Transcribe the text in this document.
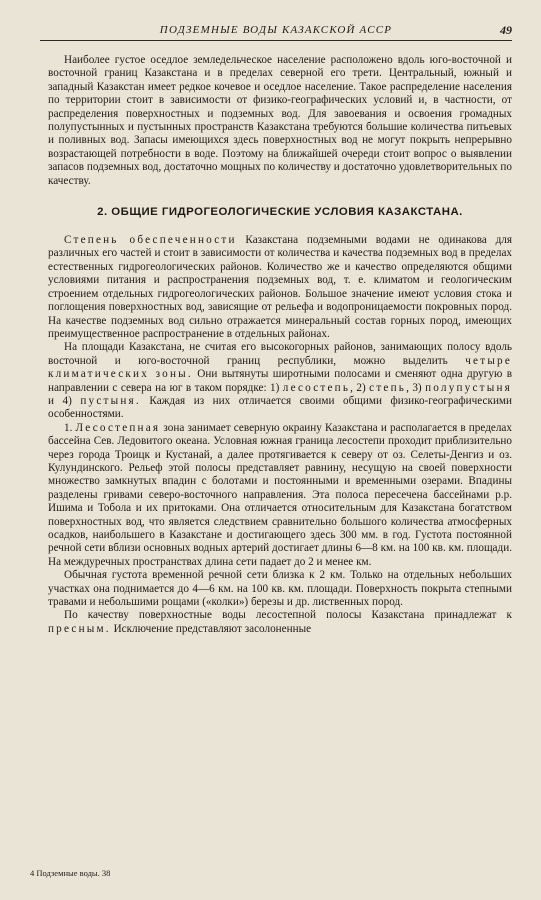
ПОДЗЕМНЫЕ ВОДЫ КАЗАКСКОЙ АССР	49

Наиболее густое оседлое земледельческое население расположено вдоль юго-восточной и восточной границ Казакстана и в пределах северной его трети. Центральный, южный и западный Казакстан имеет редкое кочевое и оседлое население. Такое распределение населения по территории стоит в зависимости от физико-географических условий и, в частности, от распределения поверхностных и подземных вод. Для завоевания и освоения громадных полупустынных и пустынных пространств Казакстана требуются большие количества питьевых и поливных вод. Запасы имеющихся здесь поверхностных вод не могут покрыть непрерывно возрастающей потребности в воде. Поэтому на ближайшей очереди стоит вопрос о выявлении запасов подземных вод, достаточно мощных по количеству и достаточно удовлетворительных по качеству.

2. ОБЩИЕ ГИДРОГЕОЛОГИЧЕСКИЕ УСЛОВИЯ КАЗАКСТАНА.

Степень обеспеченности Казакстана подземными водами не одинакова для различных его частей и стоит в зависимости от количества и качества подземных вод в пределах естественных гидрогеологических районов. Количество же и качество определяются общими условиями питания и распространения подземных вод, т. е. климатом и геологическим строением отдельных гидрогеологических районов. Большое значение имеют условия стока и поглощения поверхностных вод, зависящие от рельефа и водопроницаемости покровных пород. На качестве подземных вод сильно отражается минеральный состав горных пород, имеющих преимущественное распространение в отдельных районах.

На площади Казакстана, не считая его высокогорных районов, занимающих полосу вдоль восточной и юго-восточной границ республики, можно выделить четыре климатических зоны. Они вытянуты широтными полосами и сменяют одна другую в направлении с севера на юг в таком порядке: 1) лесостепь, 2) степь, 3) полупустыня и 4) пустыня. Каждая из них отличается своими общими физико-географическими особенностями.

1. Лесостепная зона занимает северную окраину Казакстана и располагается в пределах бассейна Сев. Ледовитого океана. Условная южная граница лесостепи проходит приблизительно через города Троицк и Кустанай, а далее протягивается к северу от оз. Селеты-Денгиз и оз. Кулундинского. Рельеф этой полосы представляет равнину, несущую на своей поверхности множество замкнутых впадин с болотами и постоянными и временными озерами. Впадины разделены гривами северо-восточного направления. Эта полоса пересечена бассейнами р.р. Ишима и Тобола и их притоками. Она отличается относительным для Казакстана богатством поверхностных вод, что является следствием сравнительно большого количества атмосферных осадков, наибольшего в Казакстане и достигающего здесь 300 мм. в год. Густота постоянной речной сети вблизи основных водных артерий достигает длины 6—8 км. на 100 кв. км. площади. На междуречных пространствах длина сети падает до 2 и менее км.

Обычная густота временной речной сети близка к 2 км. Только на отдельных небольших участках она поднимается до 4—6 км. на 100 кв. км. площади. Поверхность покрыта степными травами и небольшими рощами («колки») березы и др. лиственных пород.

По качеству поверхностные воды лесостепной полосы Казакстана принадлежат к пресным. Исключение представляют засолоненные

4 Подземные воды. 38
